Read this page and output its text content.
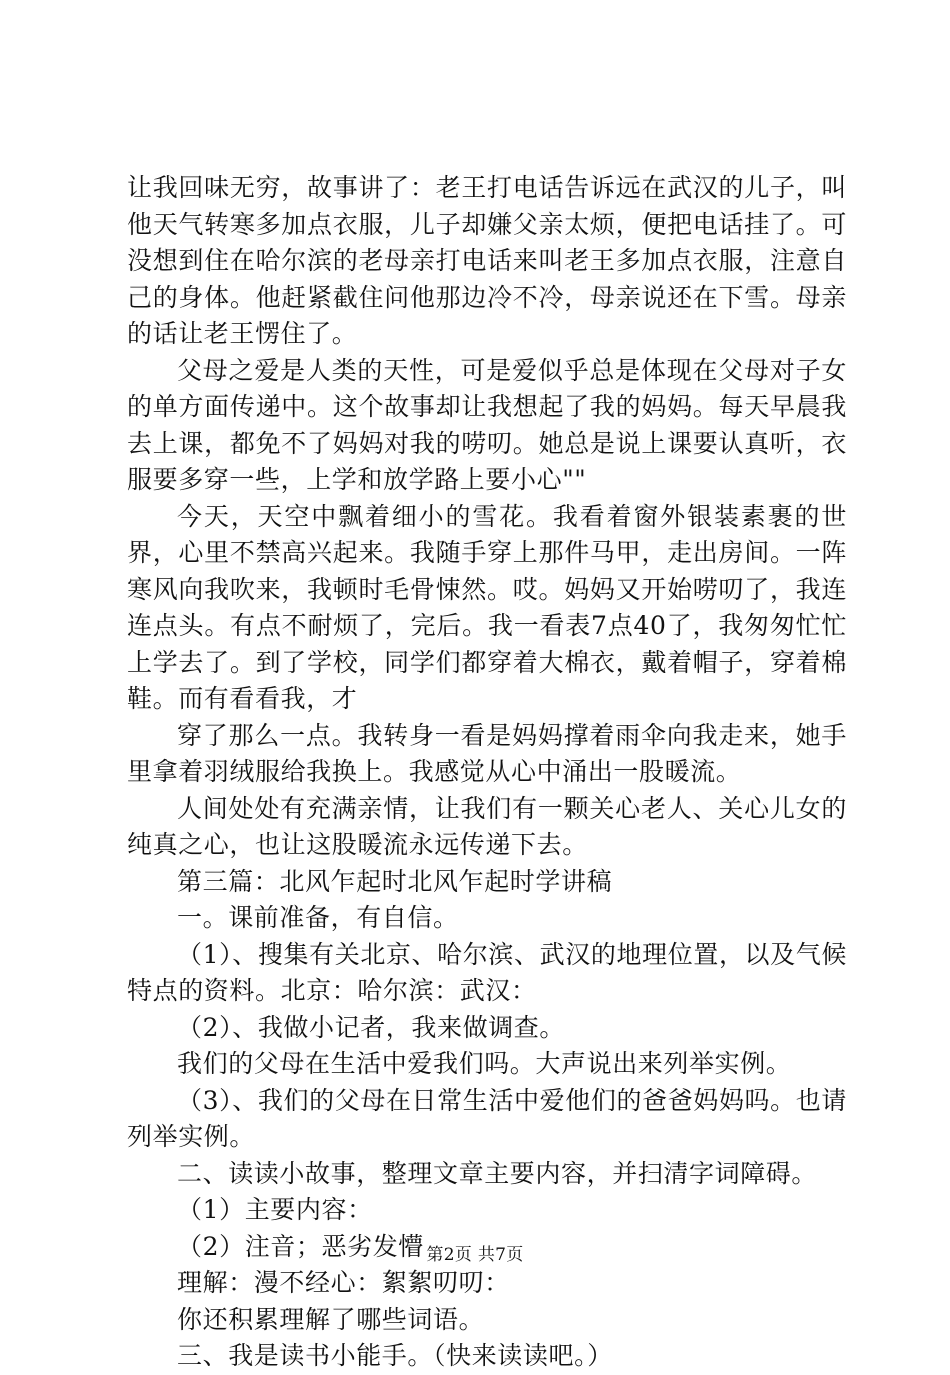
让我回味无穷，故事讲了：老王打电话告诉远在武汉的儿子，叫他天气转寒多加点衣服，儿子却嫌父亲太烦，便把电话挂了。可没想到住在哈尔滨的老母亲打电话来叫老王多加点衣服，注意自己的身体。他赶紧截住问他那边冷不冷，母亲说还在下雪。母亲的话让老王愣住了。

父母之爱是人类的天性，可是爱似乎总是体现在父母对子女的单方面传递中。这个故事却让我想起了我的妈妈。每天早晨我去上课，都免不了妈妈对我的唠叨。她总是说上课要认真听，衣服要多穿一些，上学和放学路上要小心""

今天，天空中飘着细小的雪花。我看着窗外银装素裹的世界，心里不禁高兴起来。我随手穿上那件马甲，走出房间。一阵寒风向我吹来，我顿时毛骨悚然。哎。妈妈又开始唠叨了，我连连点头。有点不耐烦了，完后。我一看表7点40了，我匆匆忙忙上学去了。到了学校，同学们都穿着大棉衣，戴着帽子，穿着棉鞋。而有看看我，才

穿了那么一点。我转身一看是妈妈撑着雨伞向我走来，她手里拿着羽绒服给我换上。我感觉从心中涌出一股暖流。

人间处处有充满亲情，让我们有一颗关心老人、关心儿女的纯真之心，也让这股暖流永远传递下去。

第三篇：北风乍起时北风乍起时学讲稿

一。课前准备，有自信。

（1）、搜集有关北京、哈尔滨、武汉的地理位置，以及气候特点的资料。北京：哈尔滨：武汉：

（2）、我做小记者，我来做调查。

我们的父母在生活中爱我们吗。大声说出来列举实例。

（3）、我们的父母在日常生活中爱他们的爸爸妈妈吗。也请列举实例。

二、读读小故事，整理文章主要内容，并扫清字词障碍。

（1）主要内容：

（2）注音；恶劣发懵

理解：漫不经心：絮絮叨叨：

你还积累理解了哪些词语。

三、我是读书小能手。（快来读读吧。）

第2页 共7页
